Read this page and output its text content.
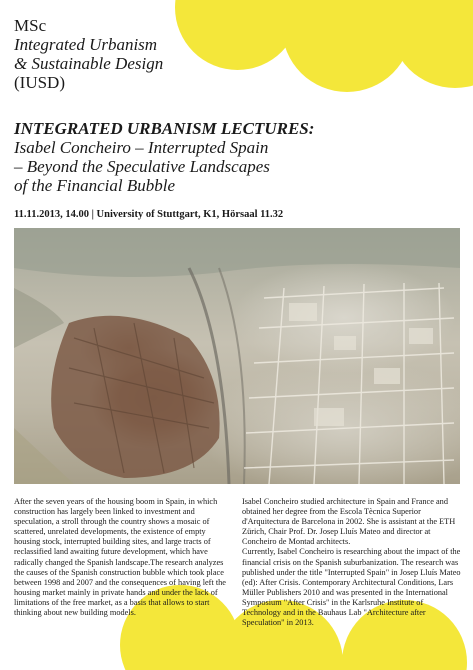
MSc
Integrated Urbanism
& Sustainable Design
(IUSD)
INTEGRATED URBANISM LECTURES:
Isabel Concheiro – Interrupted Spain
– Beyond the Speculative Landscapes
of the Financial Bubble
11.11.2013, 14.00 | University of Stuttgart, K1, Hörsaal 11.32

After the seven years of the housing boom in Spain, in which construction has largely been linked to investment and speculation, a stroll through the country shows a mosaic of scattered, unrelated developments, the existence of empty housing stock, interrupted building sites, and large tracts of reclassified land awaiting future development, which have radically changed the Spanish landscape.The research analyzes the causes of the Spanish construction bubble which took place between 1998 and 2007 and the consequences of having left the housing market mainly in private hands and under the lack of limitations of the free market, as a basis that allows to start thinking about new building models.

Isabel Concheiro studied architecture in Spain and France and obtained her degree from the Escola Tècnica Superior d'Arquitectura de Barcelona in 2002. She is assistant at the ETH Zürich, Chair Prof. Dr. Josep Lluís Mateo and director at Concheiro de Montad architects.

Currently, Isabel Concheiro is researching about the impact of the financial crisis on the Spanish suburbanization. The research was published under the title "Interrupted Spain" in Josep Lluís Mateo (ed): After Crisis. Contemporary Architectural Conditions, Lars Müller Publishers 2010 and was presented in the International Symposium "After Crisis" in the Karlsruhe Institute of Technology and in the Bauhaus Lab "Architecture after Speculation" in 2013.
